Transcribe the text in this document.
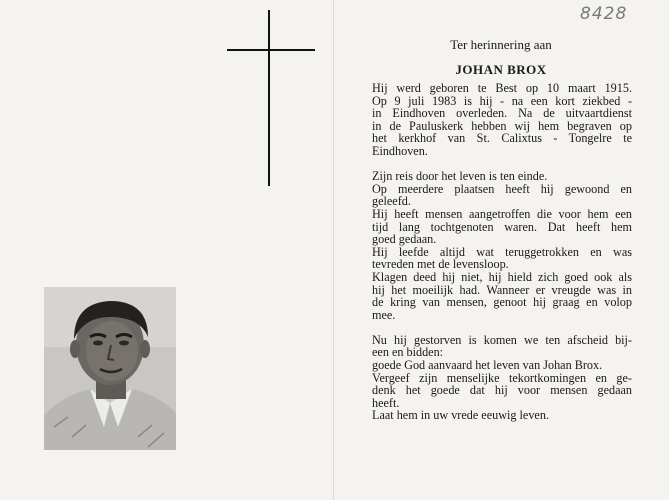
8428
Ter herinnering aan
JOHAN BROX
Hij werd geboren te Best op 10 maart 1915.
Op 9 juli 1983 is hij - na een kort ziekbed -
in Eindhoven overleden. Na de uitvaartdienst
in de Pauluskerk hebben wij hem begraven op
het kerkhof van St. Calixtus - Tongelre te
Eindhoven.
Zijn reis door het leven is ten einde.
Op meerdere plaatsen heeft hij gewoond en
geleefd.
Hij heeft mensen aangetroffen die voor hem een
tijd lang tochtgenoten waren. Dat heeft hem
goed gedaan.
Hij leefde altijd wat teruggetrokken en was
tevreden met de levensloop.
Klagen deed hij niet, hij hield zich goed ook als
hij het moeilijk had. Wanneer er vreugde was in
de kring van mensen, genoot hij graag en volop
mee.
Nu hij gestorven is komen we ten afscheid bij-
een en bidden:
goede God aanvaard het leven van Johan Brox.
Vergeef zijn menselijke tekortkomingen en ge-
denk het goede dat hij voor mensen gedaan
heeft.
Laat hem in uw vrede eeuwig leven.
